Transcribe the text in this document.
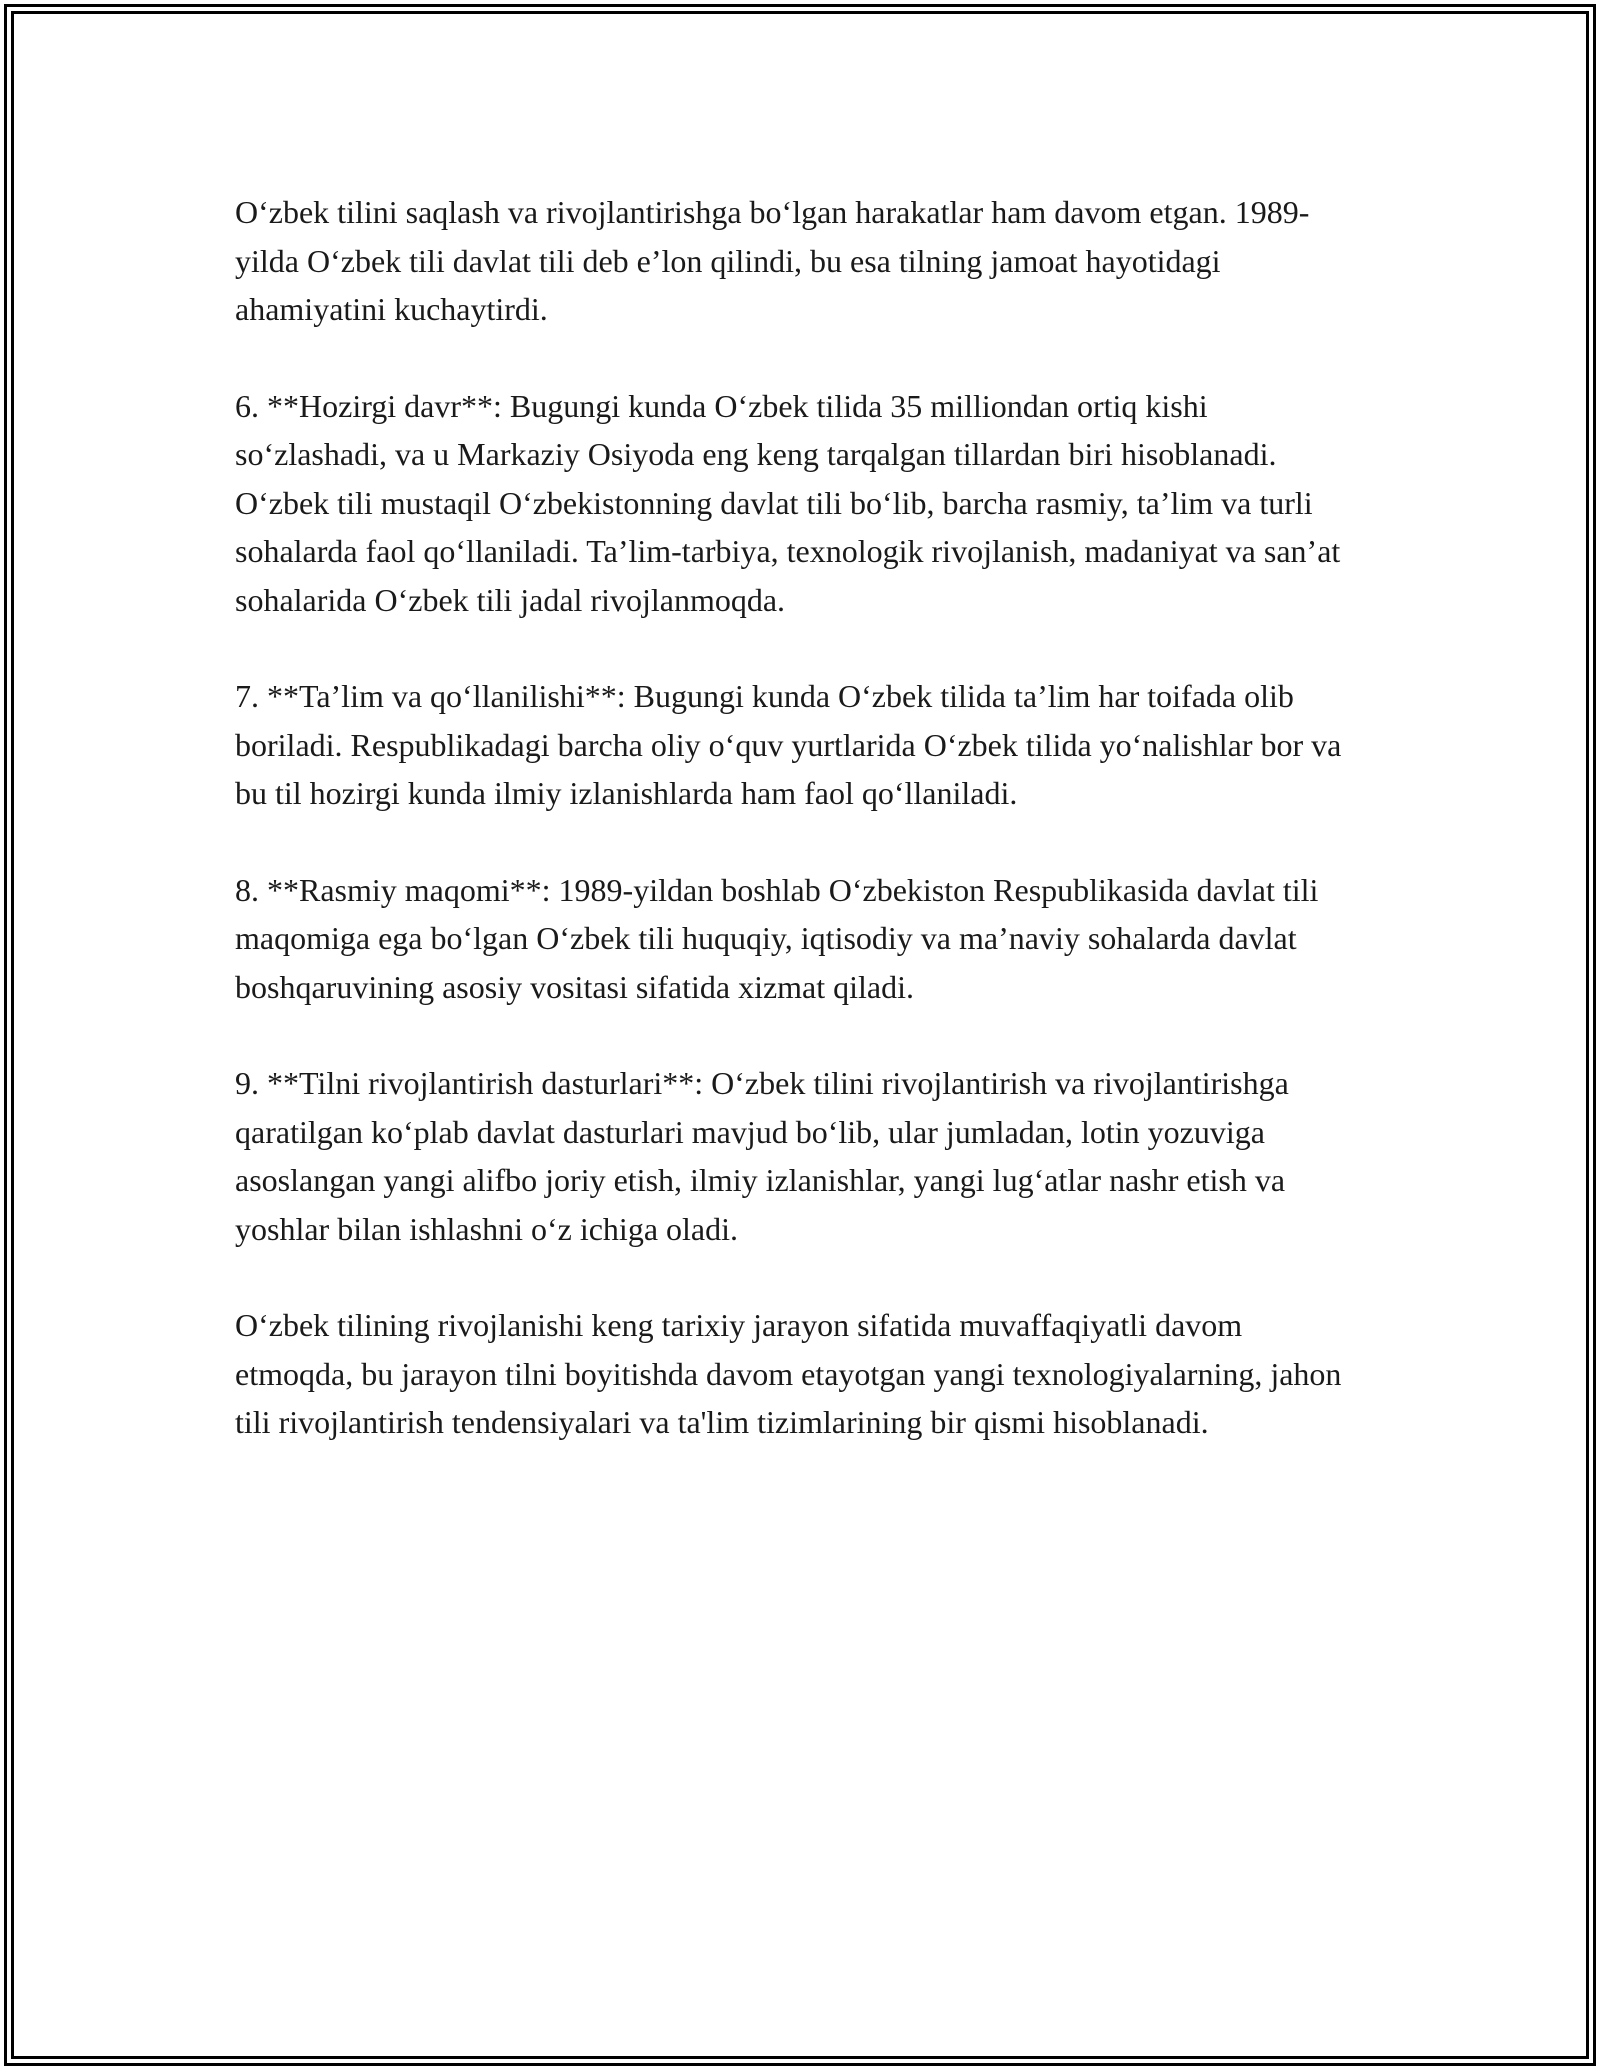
O‘zbek tilini saqlash va rivojlantirishga bo‘lgan harakatlar ham davom etgan. 1989-yilda O‘zbek tili davlat tili deb e’lon qilindi, bu esa tilning jamoat hayotidagi ahamiyatini kuchaytirdi.

6. **Hozirgi davr**: Bugungi kunda O‘zbek tilida 35 milliondan ortiq kishi so‘zlashadi, va u Markaziy Osiyoda eng keng tarqalgan tillardan biri hisoblanadi. O‘zbek tili mustaqil O‘zbekistonning davlat tili bo‘lib, barcha rasmiy, ta’lim va turli sohalarda faol qo‘llaniladi. Ta’lim-tarbiya, texnologik rivojlanish, madaniyat va san’at sohalarida O‘zbek tili jadal rivojlanmoqda.

7. **Ta’lim va qo‘llanilishi**: Bugungi kunda O‘zbek tilida ta’lim har toifada olib boriladi. Respublikadagi barcha oliy o‘quv yurtlarida O‘zbek tilida yo‘nalishlar bor va bu til hozirgi kunda ilmiy izlanishlarda ham faol qo‘llaniladi.

8. **Rasmiy maqomi**: 1989-yildan boshlab O‘zbekiston Respublikasida davlat tili maqomiga ega bo‘lgan O‘zbek tili huquqiy, iqtisodiy va ma’naviy sohalarda davlat boshqaruvining asosiy vositasi sifatida xizmat qiladi.

9. **Tilni rivojlantirish dasturlari**: O‘zbek tilini rivojlantirish va rivojlantirishga qaratilgan ko‘plab davlat dasturlari mavjud bo‘lib, ular jumladan, lotin yozuviga asoslangan yangi alifbo joriy etish, ilmiy izlanishlar, yangi lug‘atlar nashr etish va yoshlar bilan ishlashni o‘z ichiga oladi.

O‘zbek tilining rivojlanishi keng tarixiy jarayon sifatida muvaffaqiyatli davom etmoqda, bu jarayon tilni boyitishda davom etayotgan yangi texnologiyalarning, jahon tili rivojlantirish tendensiyalari va ta'lim tizimlarining bir qismi hisoblanadi.
